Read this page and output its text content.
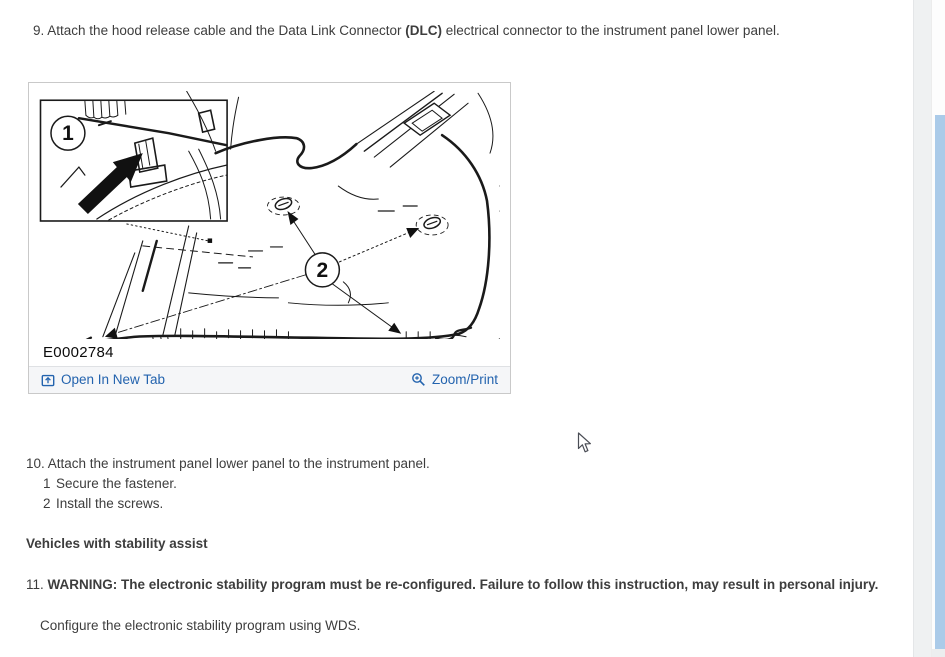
9. Attach the hood release cable and the Data Link Connector (DLC) electrical connector to the instrument panel lower panel.
1
2
E0002784
Open In New Tab	Zoom/Print
10. Attach the instrument panel lower panel to the instrument panel.
1 Secure the fastener.
2 Install the screws.
Vehicles with stability assist
11. WARNING: The electronic stability program must be re-configured. Failure to follow this instruction, may result in personal injury.
Configure the electronic stability program using WDS.
